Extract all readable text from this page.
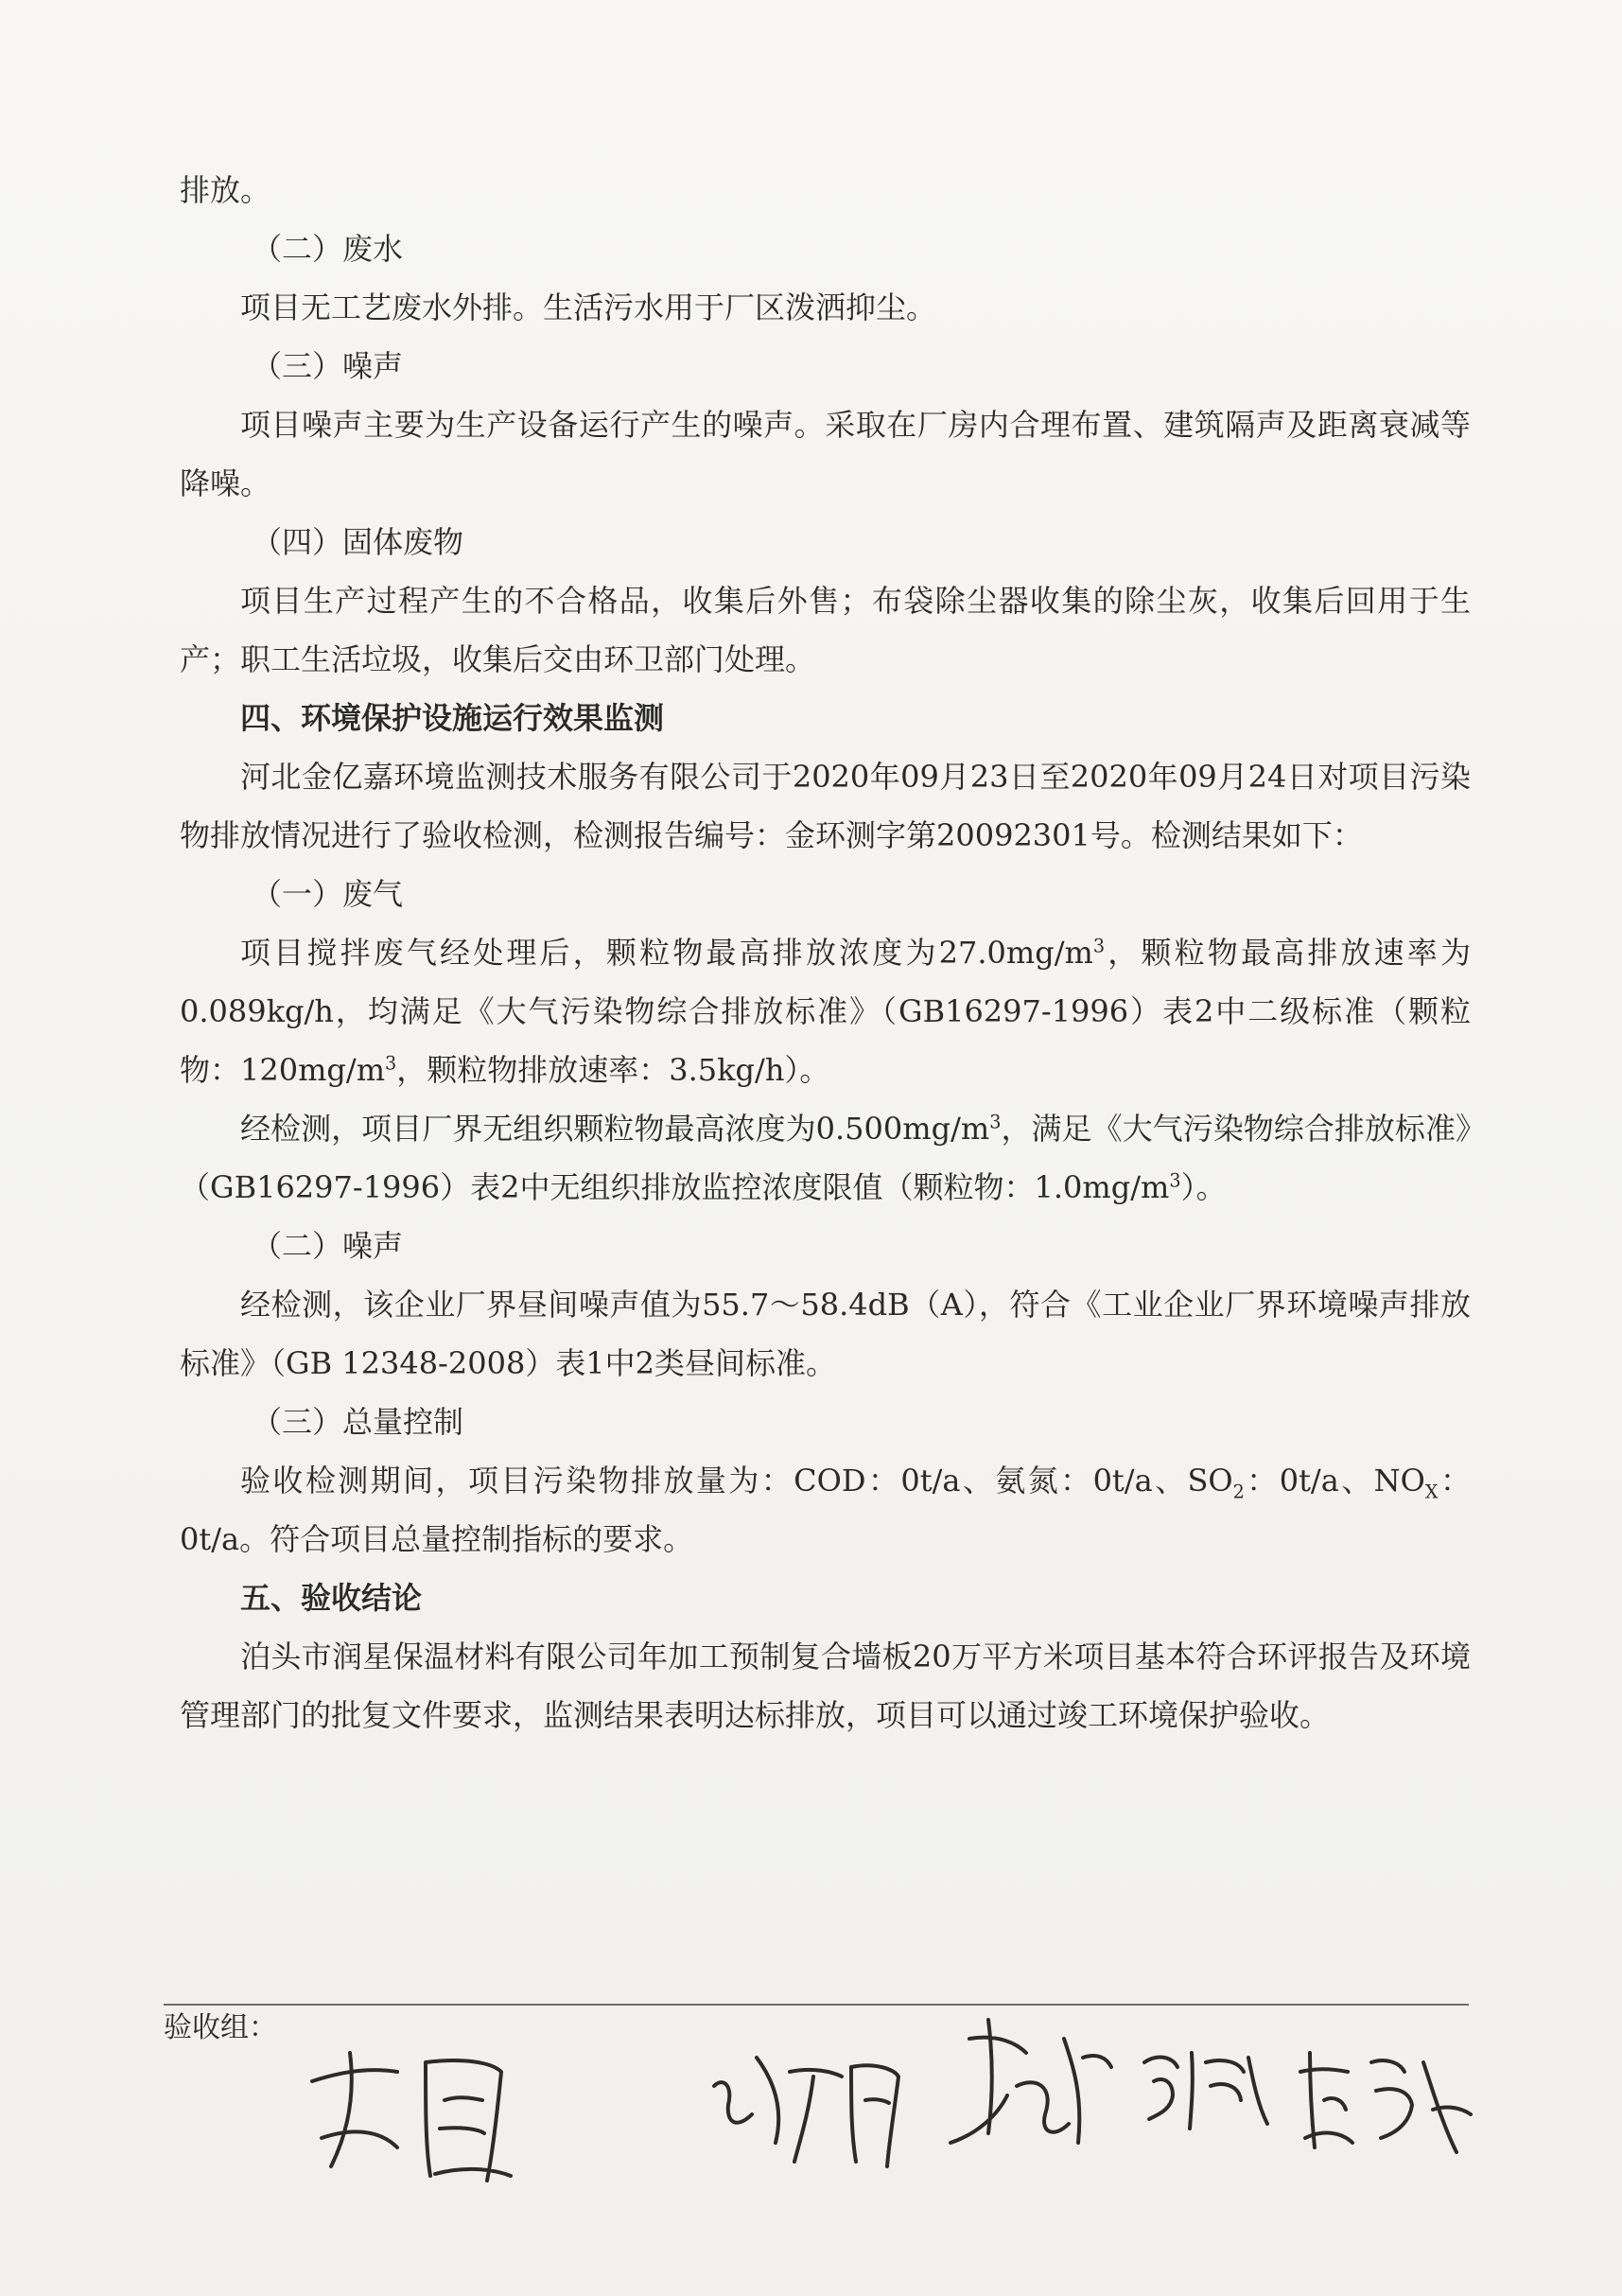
排放。

（二）废水

项目无工艺废水外排。生活污水用于厂区泼洒抑尘。

（三）噪声

项目噪声主要为生产设备运行产生的噪声。采取在厂房内合理布置、建筑隔声及距离衰减等降噪。

（四）固体废物

项目生产过程产生的不合格品，收集后外售；布袋除尘器收集的除尘灰，收集后回用于生产；职工生活垃圾，收集后交由环卫部门处理。

四、环境保护设施运行效果监测

河北金亿嘉环境监测技术服务有限公司于2020年09月23日至2020年09月24日对项目污染物排放情况进行了验收检测，检测报告编号：金环测字第20092301号。检测结果如下：

（一）废气

项目搅拌废气经处理后，颗粒物最高排放浓度为$27.0mg/m^3$，颗粒物最高排放速率为0.089kg/h，均满足《大气污染物综合排放标准》（GB16297-1996）表2中二级标准（颗粒物：$120mg/m^3$，颗粒物排放速率：3.5kg/h）。

经检测，项目厂界无组织颗粒物最高浓度为$0.500mg/m^3$，满足《大气污染物综合排放标准》（GB16297-1996）表2中无组织排放监控浓度限值（颗粒物：$1.0mg/m^3$）。

（二）噪声

经检测，该企业厂界昼间噪声值为55.7～58.4dB（A），符合《工业企业厂界环境噪声排放标准》（GB 12348-2008）表1中2类昼间标准。

（三）总量控制

验收检测期间，项目污染物排放量为：COD：0t/a、氨氮：0t/a、$SO_2$：0t/a、$NO_X$：0t/a。符合项目总量控制指标的要求。

五、验收结论

泊头市润星保温材料有限公司年加工预制复合墙板20万平方米项目基本符合环评报告及环境管理部门的批复文件要求，监测结果表明达标排放，项目可以通过竣工环境保护验收。

验收组：
